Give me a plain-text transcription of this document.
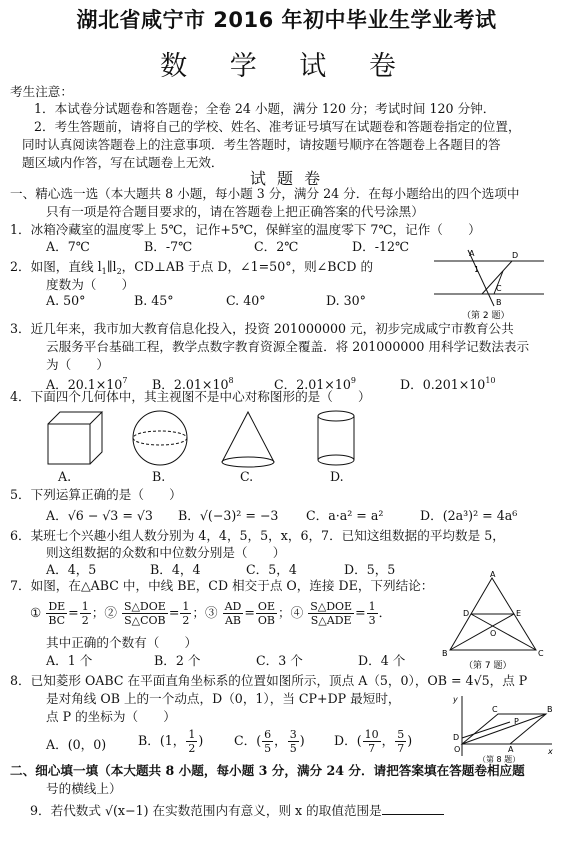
湖北省咸宁市 2016 年初中毕业生学业考试
数 学 试 卷
考生注意：
1．本试卷分试题卷和答题卷；全卷 24 小题，满分 120 分；考试时间 120 分钟．
2．考生答题前，请将自己的学校、姓名、准考证号填写在试题卷和答题卷指定的位置，
同时认真阅读答题卷上的注意事项．考生答题时，请按题号顺序在答题卷上各题目的答
题区域内作答，写在试题卷上无效．
试 题 卷
一、精心选一选（本大题共 8 小题，每小题 3 分，满分 24 分．在每小题给出的四个选项中
只有一项是符合题目要求的，请在答题卷上把正确答案的代号涂黑）
1．冰箱冷藏室的温度零上 5℃，记作+5℃，保鲜室的温度零下 7℃，记作（　　）
A．7℃	B．-7℃	C．2℃	D．-12℃
2．如图，直线 $l_1\parallel l_2$，CD⊥AB 于点 D，∠1=50°，则∠BCD 的
度数为（　　）
A. 50°	B. 45°	C. 40°	D. 30°
A	D
C
B
1
（第 2 题）
3．近几年来，我市加大教育信息化投入，投资 201000000 元，初步完成咸宁市教育公共
云服务平台基础工程，教学点数字教育资源全覆盖．将 201000000 用科学记数法表示
为（　　）
A．$20.1\times 10^7$ B．$2.01\times 10^8$	C．$2.01\times 10^9$	D．$0.201\times 10^{10}$
4．下面四个几何体中，其主视图不是中心对称图形的是（　　）
A.	B.	C.	D.
5．下列运算正确的是（　　）
A．√6 − √3 = √3 B．√(−3)² = −3 C．a·a² = a²	D．(2a³)² = 4a⁶
6．某班七个兴趣小组人数分别为 4，4，5，5，x，6，7．已知这组数据的平均数是 5，
则这组数据的众数和中位数分别是（　　）
A．4，5	B．4，4	C．5，4	D．5，5
7．如图，在△ABC 中，中线 BE，CD 相交于点 O，连接 DE，下列结论：
① $\frac{DE}{BC} = \frac{1}{2}$ ；② $\frac{\text{S△DOE}}{\text{S△COB}} = \frac{1}{2}$ ；③ $\frac{AD}{AB} = \frac{OE}{OB}$ ；④ $\frac{\text{S△DOE}}{\text{S△ADE}} = \frac{1}{3}$ ．
其中正确的个数有（　　）
A．1 个	B．2 个	C．3 个	D．4 个
A
D	E
O
B	C
（第 7 题）
8．已知菱形 OABC 在平面直角坐标系的位置如图所示，顶点 A（5，0），OB = 4√5，点 P
是对角线 OB 上的一个动点，D（0，1），当 CP+DP 最短时，
点 P 的坐标为（　　）
A．(0，0)	B．(1， $\frac{1}{2}$ ) C．( $\frac{6}{5}$ ， $\frac{3}{5}$ ) D．( $\frac{10}{7}$ ， $\frac{5}{7}$ )
y
x
O
D
C	B
A
P
（第 8 题）
二、细心填一填（本大题共 8 小题，每小题 3 分，满分 24 分．请把答案填在答题卷相应题
号的横线上）
9．若代数式 √(x−1) 在实数范围内有意义，则 x 的取值范围是
